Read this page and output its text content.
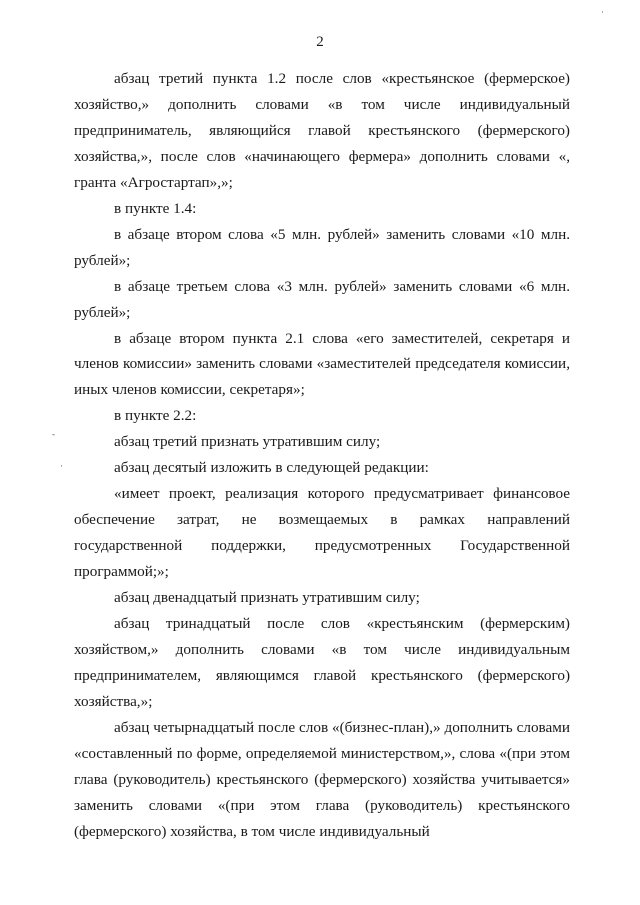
2
·
-
·

абзац третий пункта 1.2 после слов «крестьянское (фермерское) хозяйство,» дополнить словами «в том числе индивидуальный предприниматель, являющийся главой крестьянского (фермерского) хозяйства,», после слов «начинающего фермера» дополнить словами «, гранта «Агростартап»,»;

в пункте 1.4:

в абзаце втором слова «5 млн. рублей» заменить словами «10 млн. рублей»;

в абзаце третьем слова «3 млн. рублей» заменить словами «6 млн. рублей»;

в абзаце втором пункта 2.1 слова «его заместителей, секретаря и членов комиссии» заменить словами «заместителей председателя комиссии, иных членов комиссии, секретаря»;

в пункте 2.2:

абзац третий признать утратившим силу;

абзац десятый изложить в следующей редакции:

«имеет проект, реализация которого предусматривает финансовое обеспечение затрат, не возмещаемых в рамках направлений государственной поддержки, предусмотренных Государственной программой;»;

абзац двенадцатый признать утратившим силу;

абзац тринадцатый после слов «крестьянским (фермерским) хозяйством,» дополнить словами «в том числе индивидуальным предпринимателем, являющимся главой крестьянского (фермерского) хозяйства,»;

абзац четырнадцатый после слов «(бизнес-план),» дополнить словами «составленный по форме, определяемой министерством,», слова «(при этом глава (руководитель) крестьянского (фермерского) хозяйства учитывается» заменить словами «(при этом глава (руководитель) крестьянского (фермерского) хозяйства, в том числе индивидуальный
